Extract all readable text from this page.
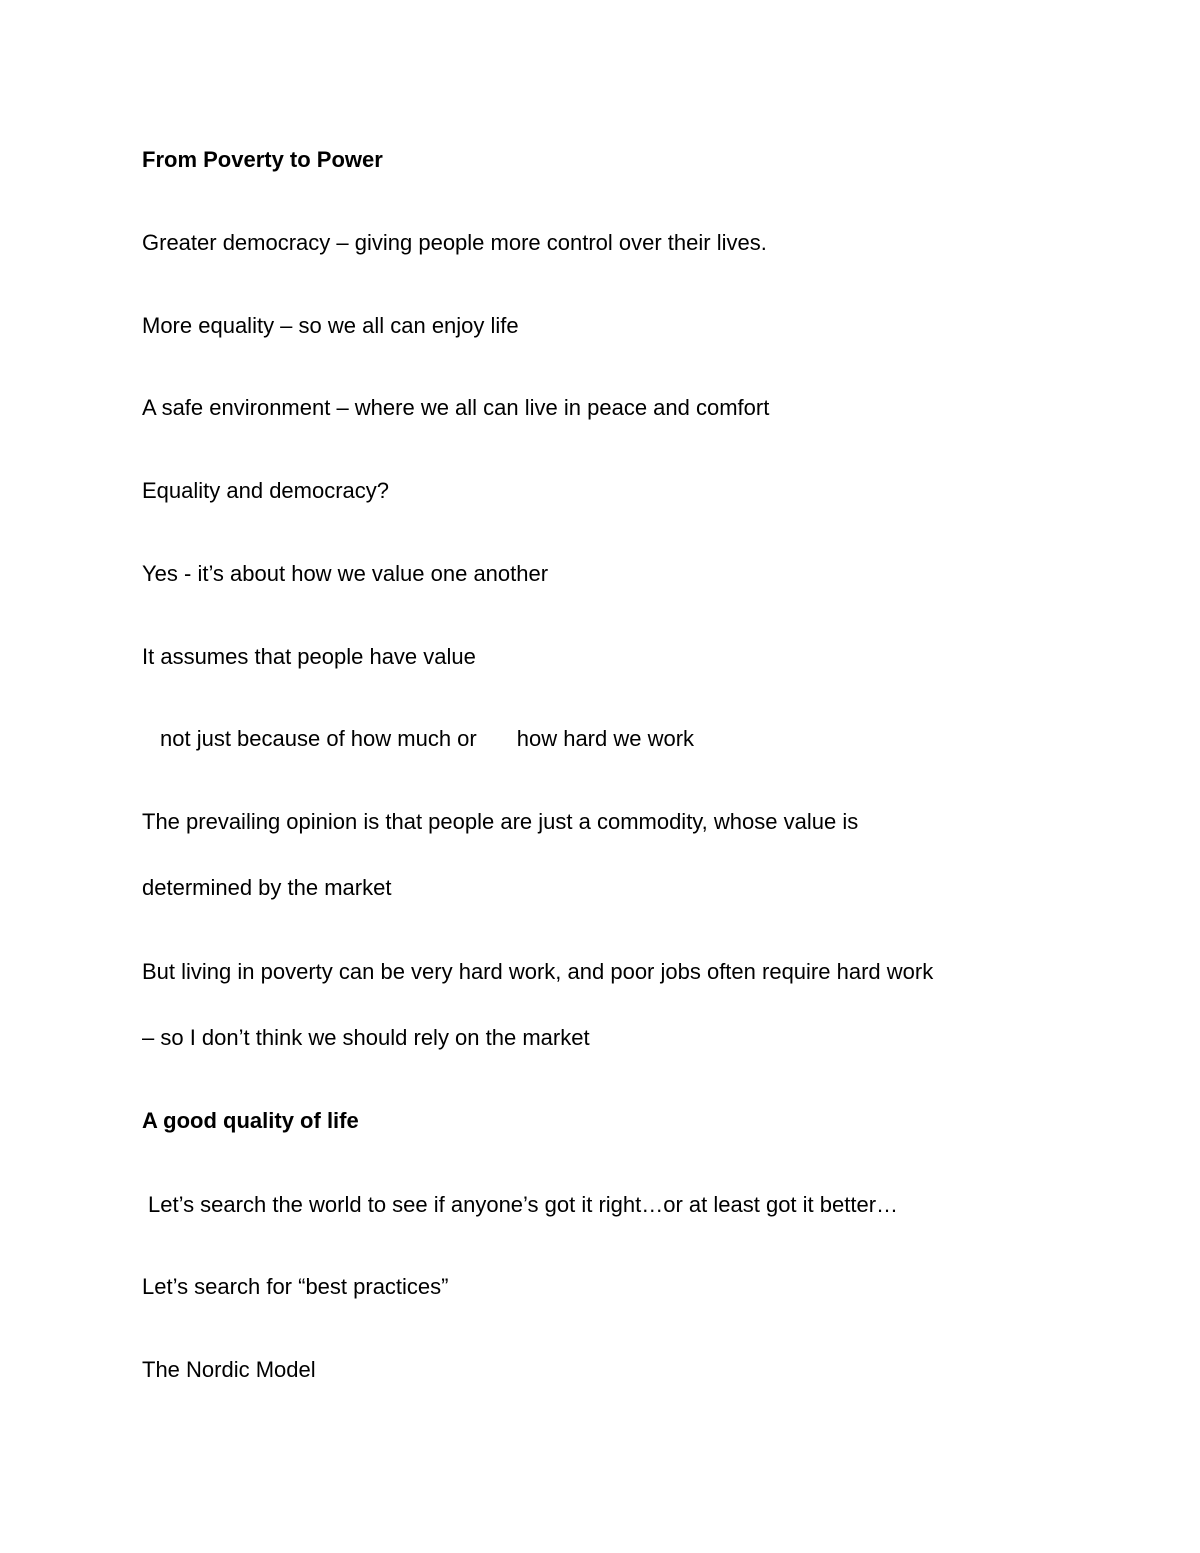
From Poverty to Power
Greater democracy – giving people more control over their lives.
More equality – so we all can enjoy life
A safe environment – where we all can live in peace and comfort
Equality and democracy?
Yes - it’s about how we value one another
It assumes that people have value
not just because of how much or how hard we work
The prevailing opinion is that people are just a commodity, whose value is
determined by the market
But living in poverty can be very hard work, and poor jobs often require hard work
– so I don’t think we should rely on the market
A good quality of life
Let’s search the world to see if anyone’s got it right…or at least got it better…
Let’s search for “best practices”
The Nordic Model
